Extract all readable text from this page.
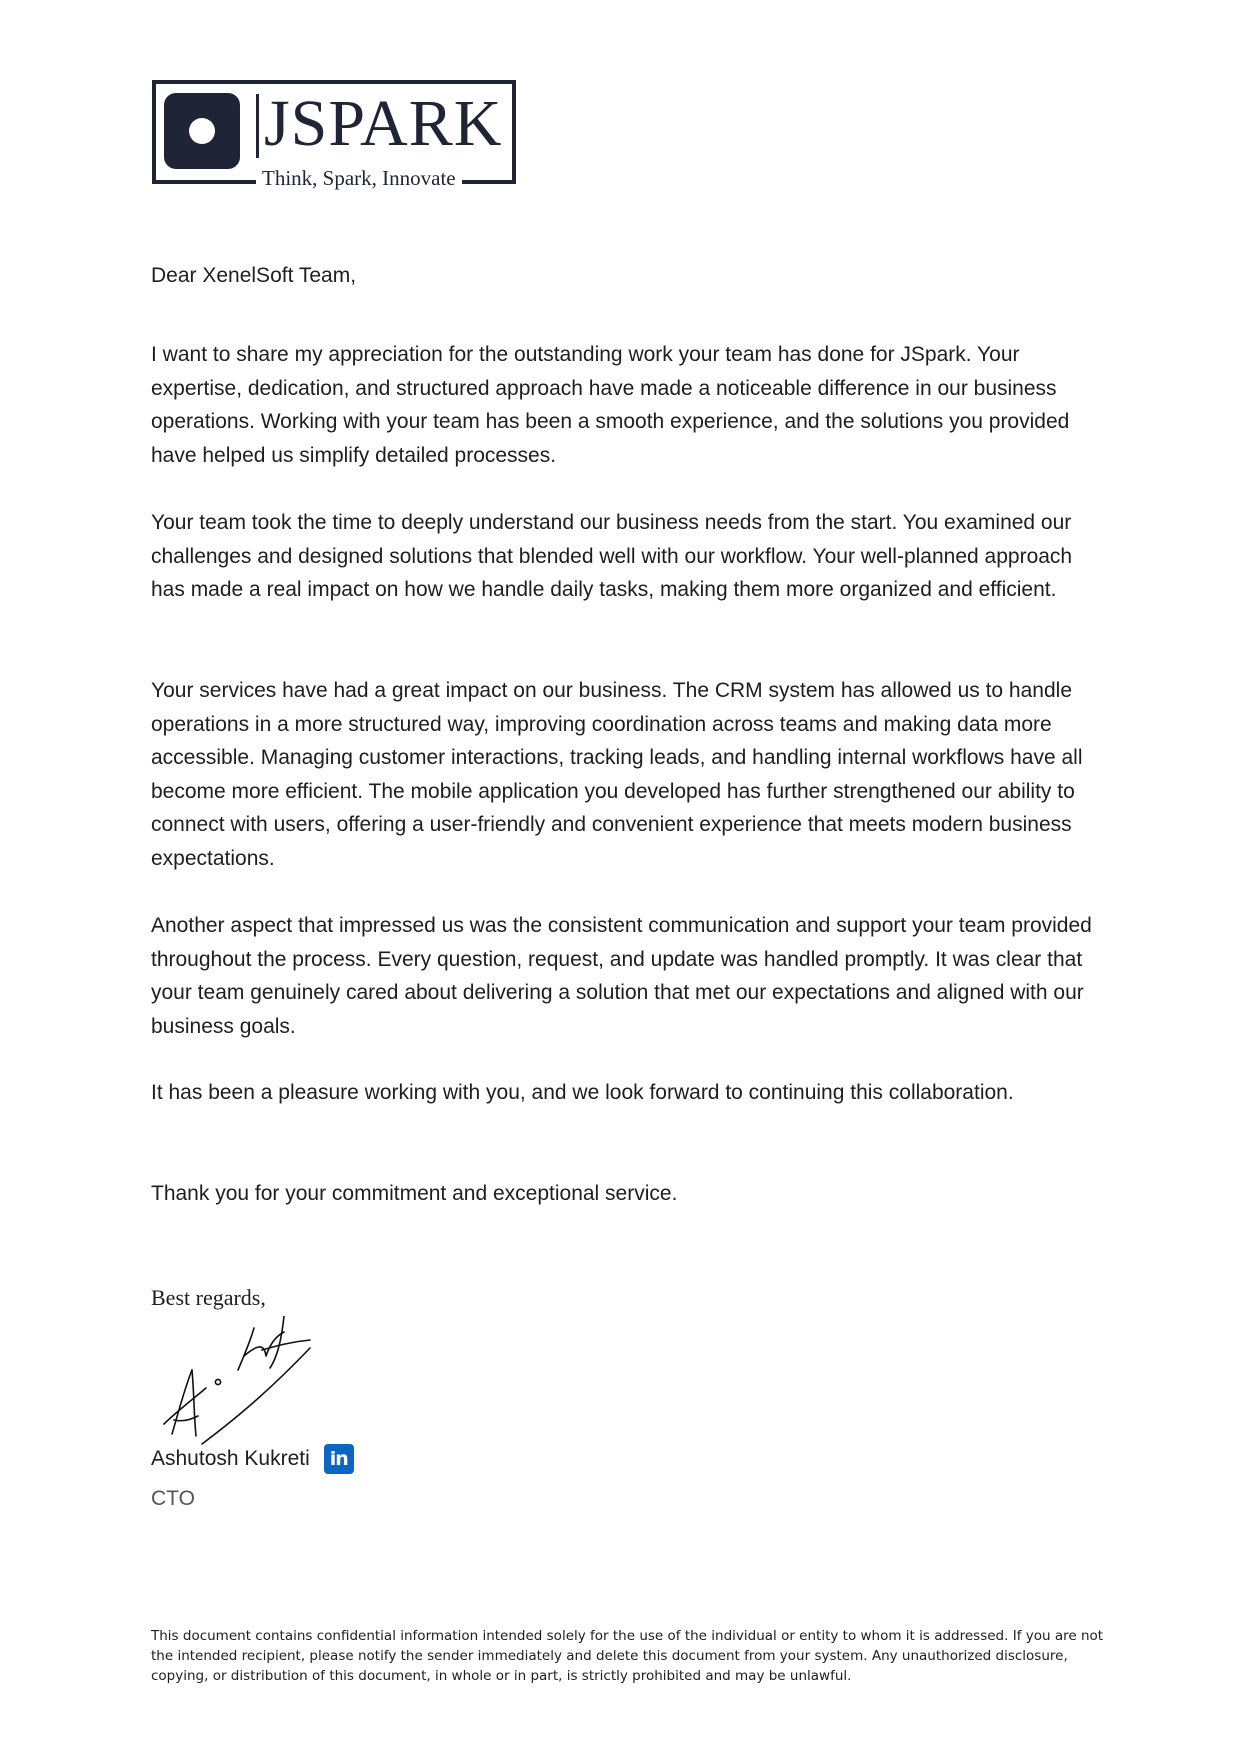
JSPARK
Think, Spark, Innovate
Dear XenelSoft Team,

I want to share my appreciation for the outstanding work your team has done for JSpark. Your expertise, dedication, and structured approach have made a noticeable difference in our business operations. Working with your team has been a smooth experience, and the solutions you provided have helped us simplify detailed processes.

Your team took the time to deeply understand our business needs from the start. You examined our challenges and designed solutions that blended well with our workflow. Your well-planned approach has made a real impact on how we handle daily tasks, making them more organized and efficient.

Your services have had a great impact on our business. The CRM system has allowed us to handle operations in a more structured way, improving coordination across teams and making data more accessible. Managing customer interactions, tracking leads, and handling internal workflows have all become more efficient. The mobile application you developed has further strengthened our ability to connect with users, offering a user-friendly and convenient experience that meets modern business expectations.

Another aspect that impressed us was the consistent communication and support your team provided throughout the process. Every question, request, and update was handled promptly. It was clear that your team genuinely cared about delivering a solution that met our expectations and aligned with our business goals.

It has been a pleasure working with you, and we look forward to continuing this collaboration.

Thank you for your commitment and exceptional service.

Best regards,
Ashutosh Kukreti	in
CTO

This document contains confidential information intended solely for the use of the individual or entity to whom it is addressed. If you are not the intended recipient, please notify the sender immediately and delete this document from your system. Any unauthorized disclosure, copying, or distribution of this document, in whole or in part, is strictly prohibited and may be unlawful.
